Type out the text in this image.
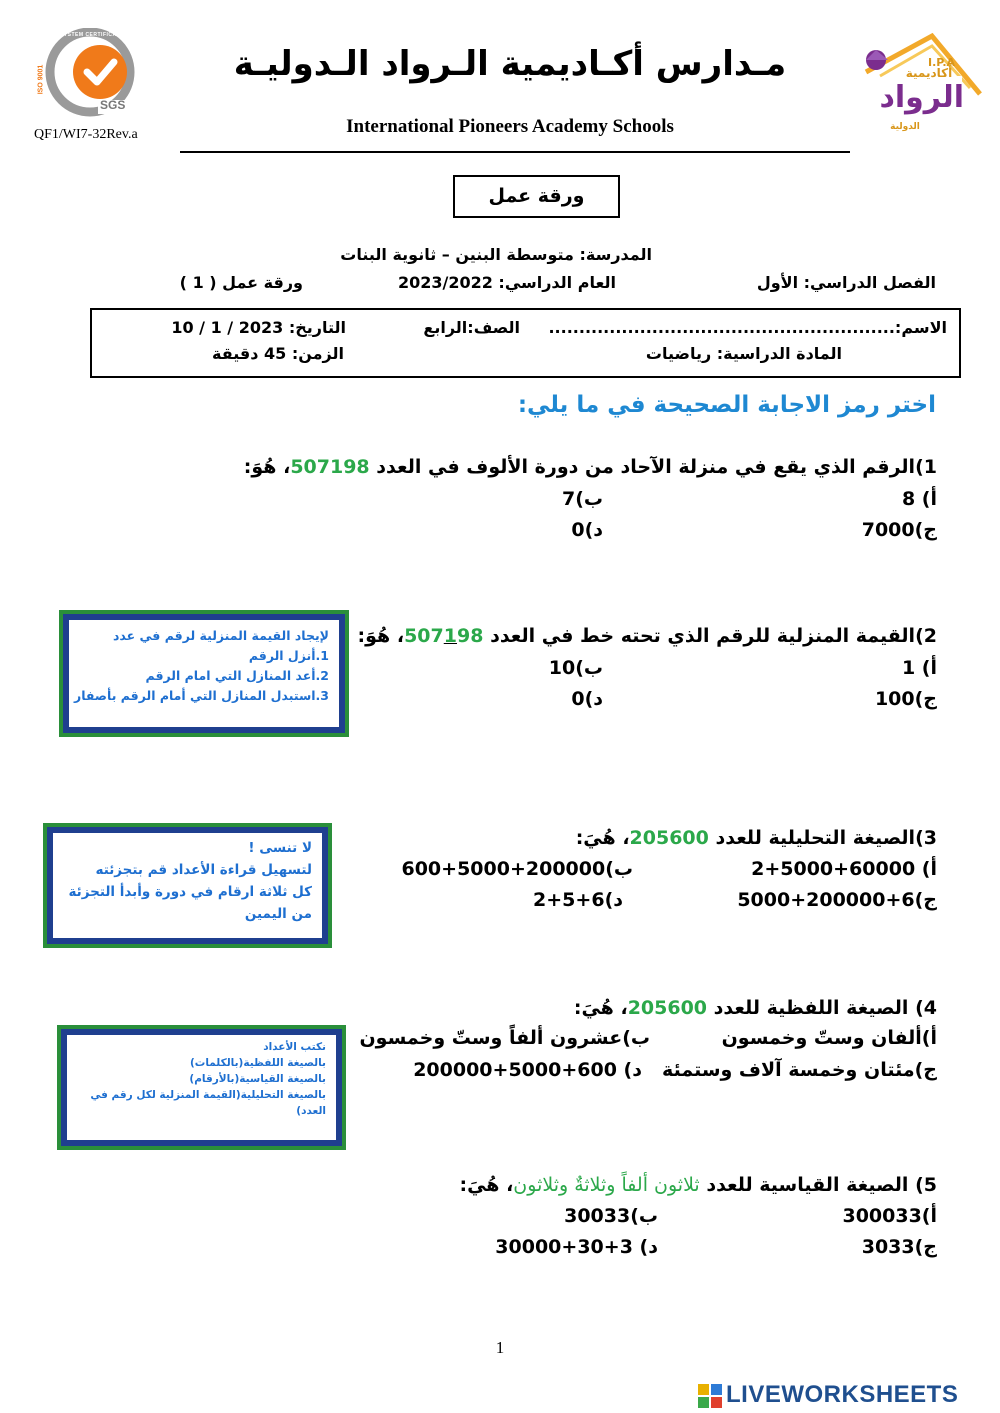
SGS
ISO 9001
SYSTEM CERTIFICATION
QF1/WI7-32Rev.a
مـدارس أكـاديمية الـرواد الـدوليـة
International Pioneers Academy Schools
I.P.A
أكاديمية
الرواد
الدولية
ورقة عمل
المدرسة: متوسطة البنين – ثانوية البنات
الفصل الدراسي: الأول
العام الدراسي: 2023/2022
ورقة عمل ( 1 )
الاسم:.........................................................
الصف:الرابع
التاريخ: 10 / 1 / 2023
المادة الدراسية: رياضيات
الزمن: 45 دقيقة
اختر رمز الاجابة الصحيحة في ما يلي:
1)الرقم الذي يقع في منزلة الآحاد من دورة الألوف في العدد 507198، هُوَ:
أ) 8
ب)7
ج)7000
د)0
لإيجاد القيمة المنزلية لرقم في عدد
1.أنزل الرقم
2.أعد المنازل التي امام الرقم
3.استبدل المنازل التي أمام الرقم بأصفار
2)القيمة المنزلية للرقم الذي تحته خط في العدد 507198، هُوَ:
أ) 1
ب)10
ج)100
د)0
لا تنسى !
لتسهيل قراءة الأعداد قم بتجزئته
كل ثلاثة ارقام في دورة وأبدأ التجزئة
من اليمين
3)الصيغة التحليلية للعدد 205600، هُيَ:
أ) 60000+5000+2
ب)200000+5000+600
ج)6+200000+5000
د)6+5+2
4) الصيغة اللفظية للعدد 205600، هُيَ:
أ)ألفان وستّ وخمسون
ب)عشرون ألفاً وستّ وخمسون
ج)مئتان وخمسة آلاف وستمئة
د) 600+5000+200000
نكتب الأعداد
بالصيغة اللفظية(بالكلمات)
بالصيغة القياسية(بالأرقام)
بالصيغة التحليلية(القيمة المنزلية لكل رقم في
العدد)
5) الصيغة القياسية للعدد ثلاثون ألفاً وثلاثةٌ وثلاثون، هُيَ:
أ)300033
ب)30033
ج)3033
د) 3+30+30000
1
LIVEWORKSHEETS
